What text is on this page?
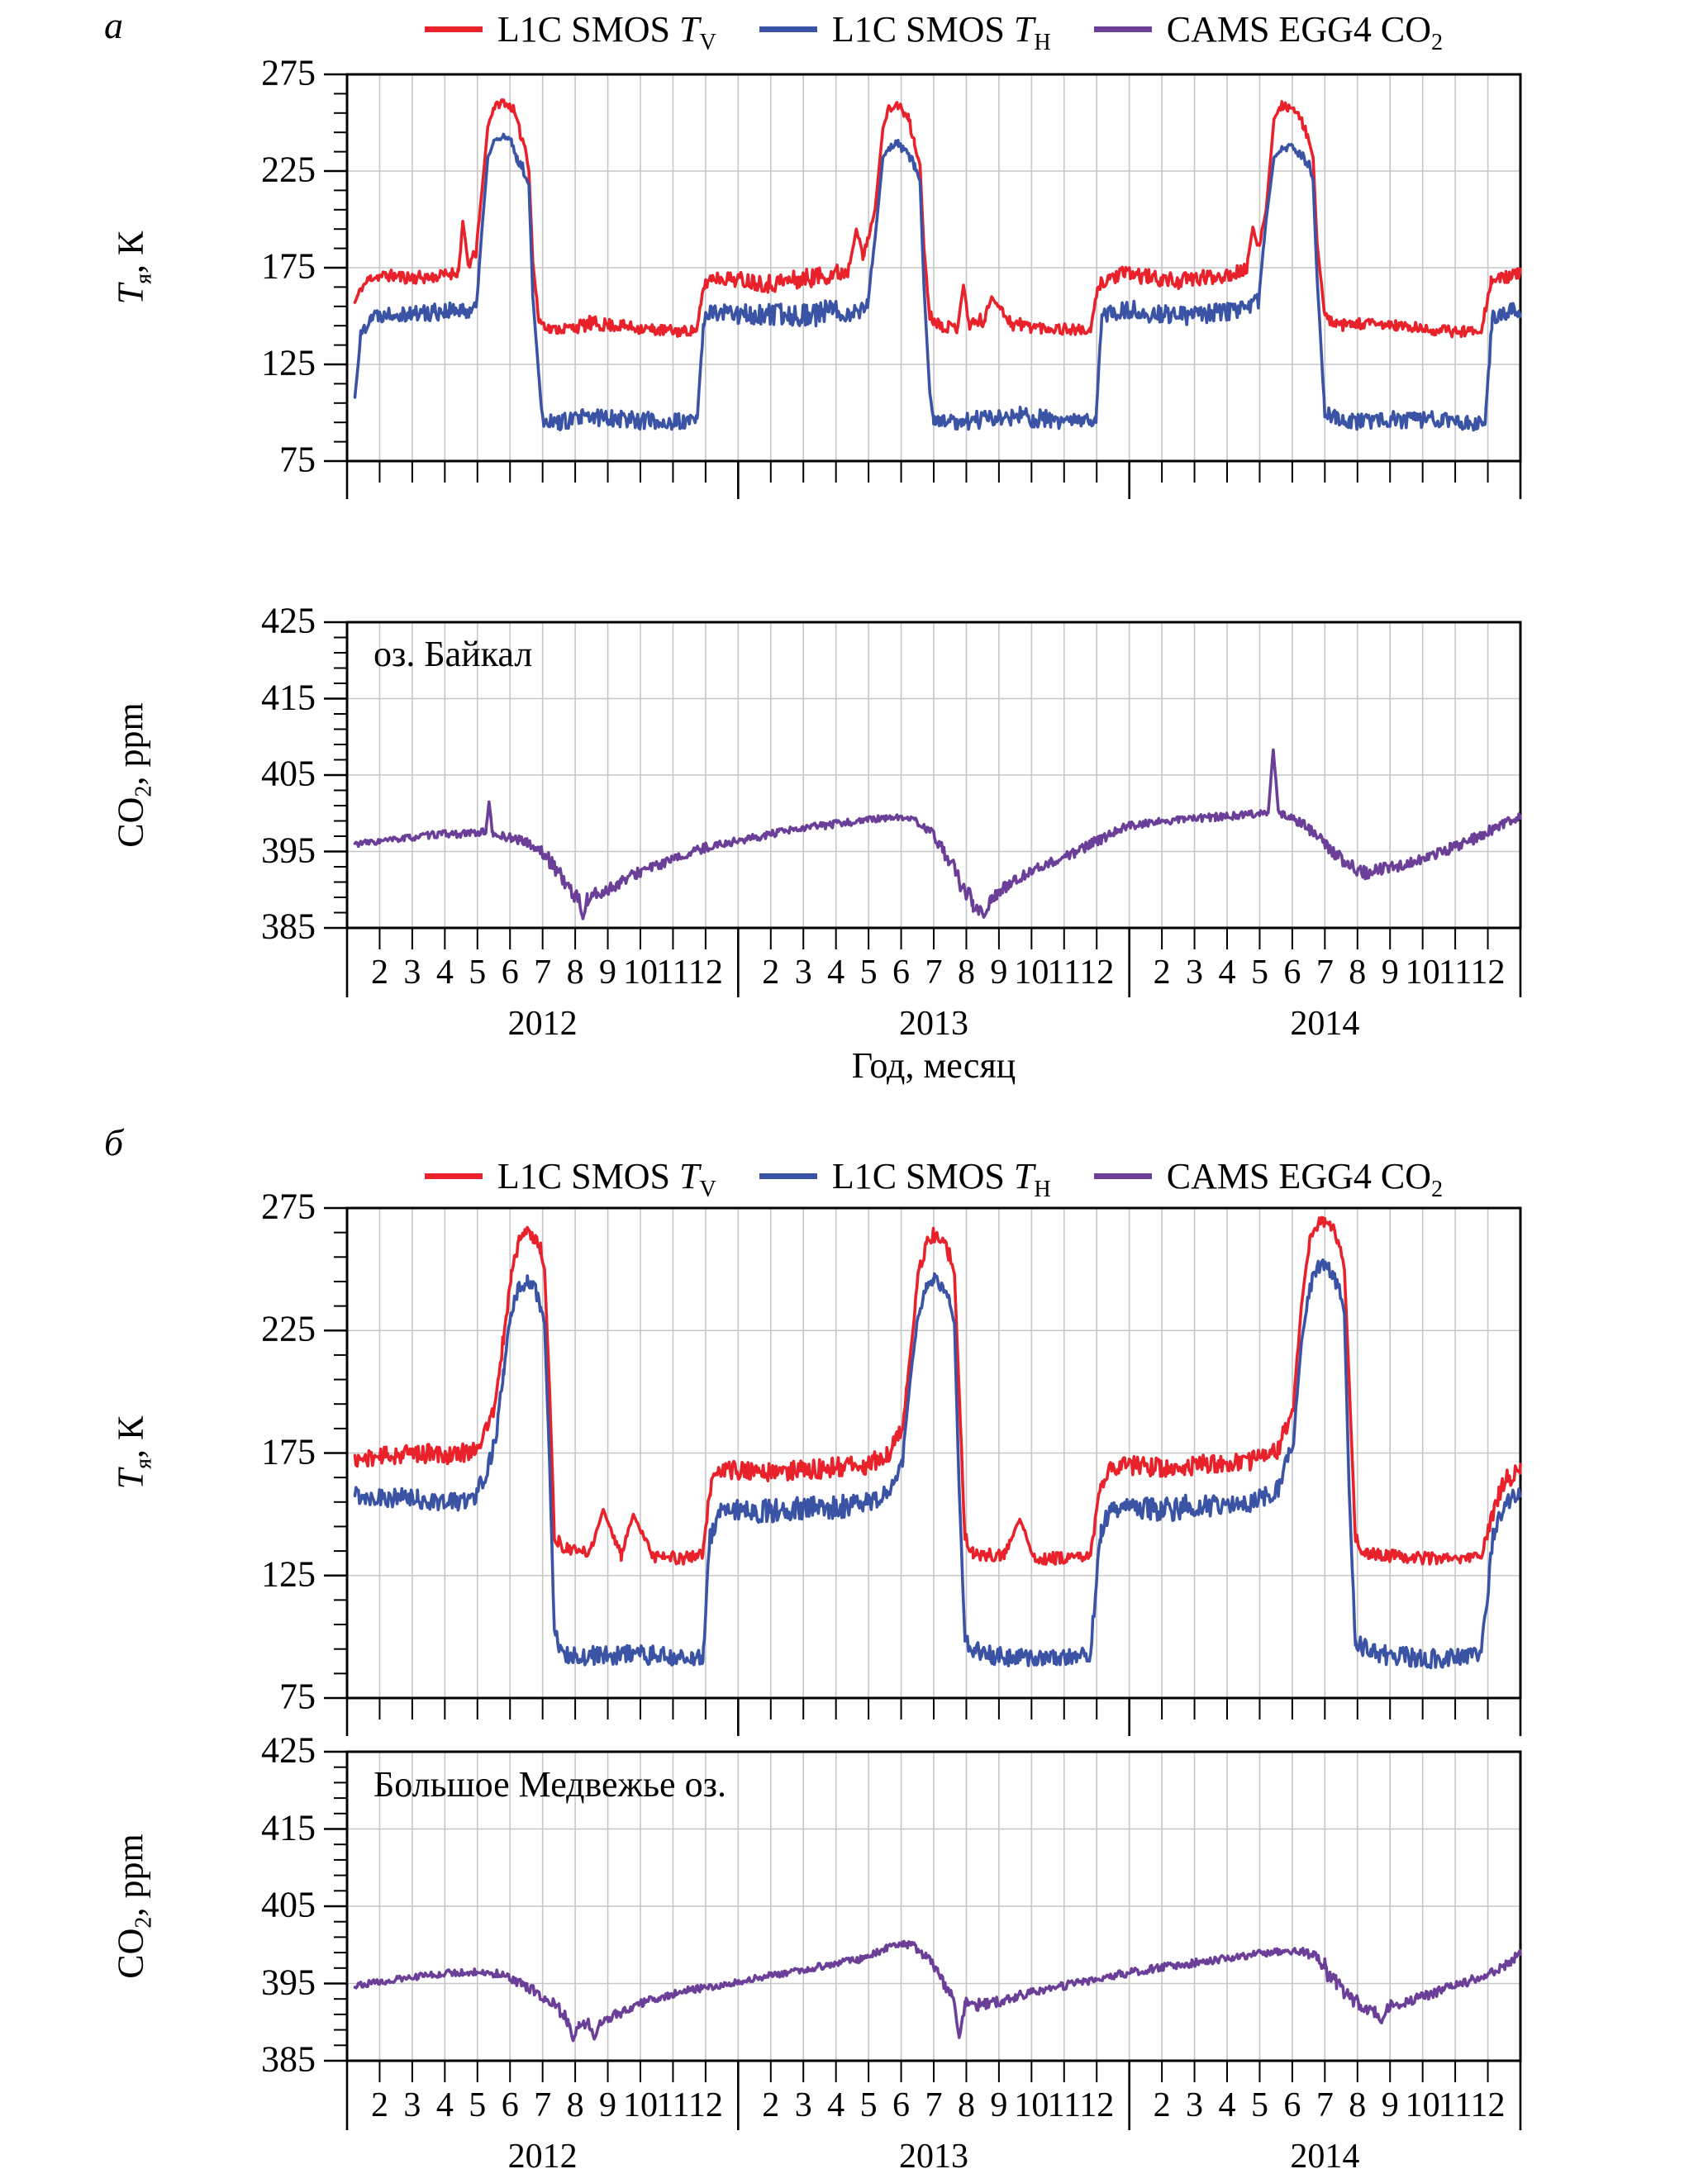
275
225
175
125
75
425
415
405
395
385
2 3 4 5 6 7 8 9 10
11
12
2012
2 3 4 5 6 7 8 9 10
11
12
2013
2 3 4 5 6 7 8 9 10
11
12
2014
275
225
175
125
75
425
415
405
395
385
2 3 4 5 6 7 8 9 10
11
12
2012
2 3 4 5 6 7 8 9 10
11
12
2013
2 3 4 5 6 7 8 9 10
11
12
2014
а
б
L1C SMOS $T_V$	L1C SMOS $T_H$	CAMS EGG4 $CO_2$
L1C SMOS $T_V$	L1C SMOS $T_H$	CAMS EGG4 $CO_2$
$T_я$, К
$CO_2$, ppm
$T_я$, К
$CO_2$, ppm
оз. Байкал
Большое Медвежье оз.
Год, месяц
